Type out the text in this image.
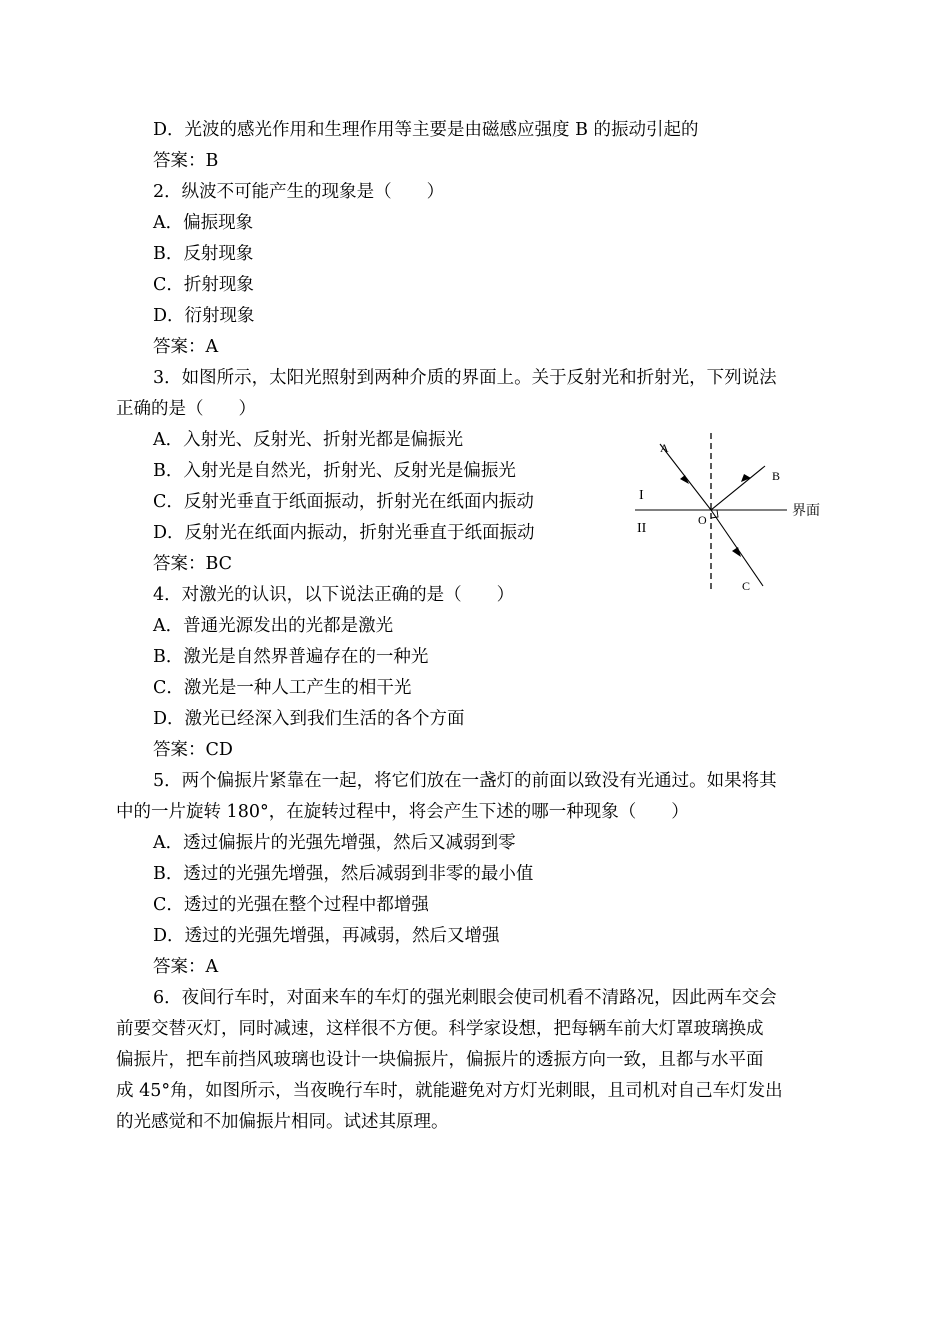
D．光波的感光作用和生理作用等主要是由磁感应强度 B 的振动引起的
答案：B
2．纵波不可能产生的现象是（　　）
A．偏振现象
B．反射现象
C．折射现象
D．衍射现象
答案：A
3．如图所示，太阳光照射到两种介质的界面上。关于反射光和折射光，下列说法
正确的是（　　）
A．入射光、反射光、折射光都是偏振光
B．入射光是自然光，折射光、反射光是偏振光
C．反射光垂直于纸面振动，折射光在纸面内振动
D．反射光在纸面内振动，折射光垂直于纸面振动
答案：BC
A
B
C
O
I
II
界面
4．对激光的认识，以下说法正确的是（　　）
A．普通光源发出的光都是激光
B．激光是自然界普遍存在的一种光
C．激光是一种人工产生的相干光
D．激光已经深入到我们生活的各个方面
答案：CD
5．两个偏振片紧靠在一起，将它们放在一盏灯的前面以致没有光通过。如果将其
中的一片旋转 180°，在旋转过程中，将会产生下述的哪一种现象（　　）
A．透过偏振片的光强先增强，然后又减弱到零
B．透过的光强先增强，然后减弱到非零的最小值
C．透过的光强在整个过程中都增强
D．透过的光强先增强，再减弱，然后又增强
答案：A
6．夜间行车时，对面来车的车灯的强光刺眼会使司机看不清路况，因此两车交会
前要交替灭灯，同时减速，这样很不方便。科学家设想，把每辆车前大灯罩玻璃换成
偏振片，把车前挡风玻璃也设计一块偏振片，偏振片的透振方向一致，且都与水平面
成 45°角，如图所示，当夜晚行车时，就能避免对方灯光刺眼，且司机对自己车灯发出
的光感觉和不加偏振片相同。试述其原理。
